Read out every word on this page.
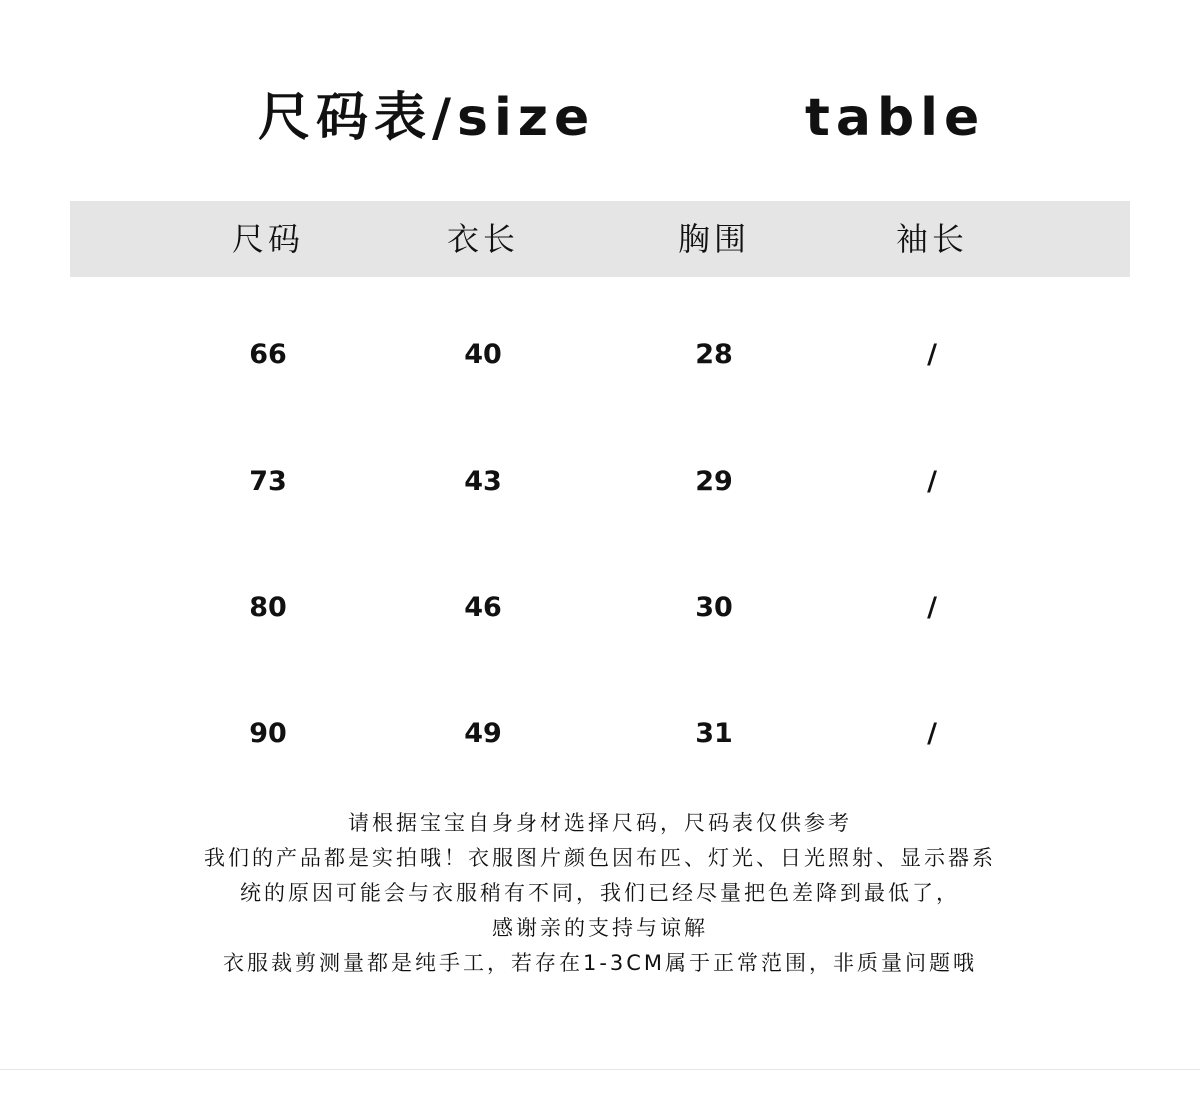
尺码表/size	table
尺码	衣长	胸围	袖长
66	40	28	/
73	43	29	/
80	46	30	/
90	49	31	/
请根据宝宝自身身材选择尺码，尺码表仅供参考
我们的产品都是实拍哦！衣服图片颜色因布匹、灯光、日光照射、显示器系
统的原因可能会与衣服稍有不同，我们已经尽量把色差降到最低了，
感谢亲的支持与谅解
衣服裁剪测量都是纯手工，若存在1-3CM属于正常范围，非质量问题哦
